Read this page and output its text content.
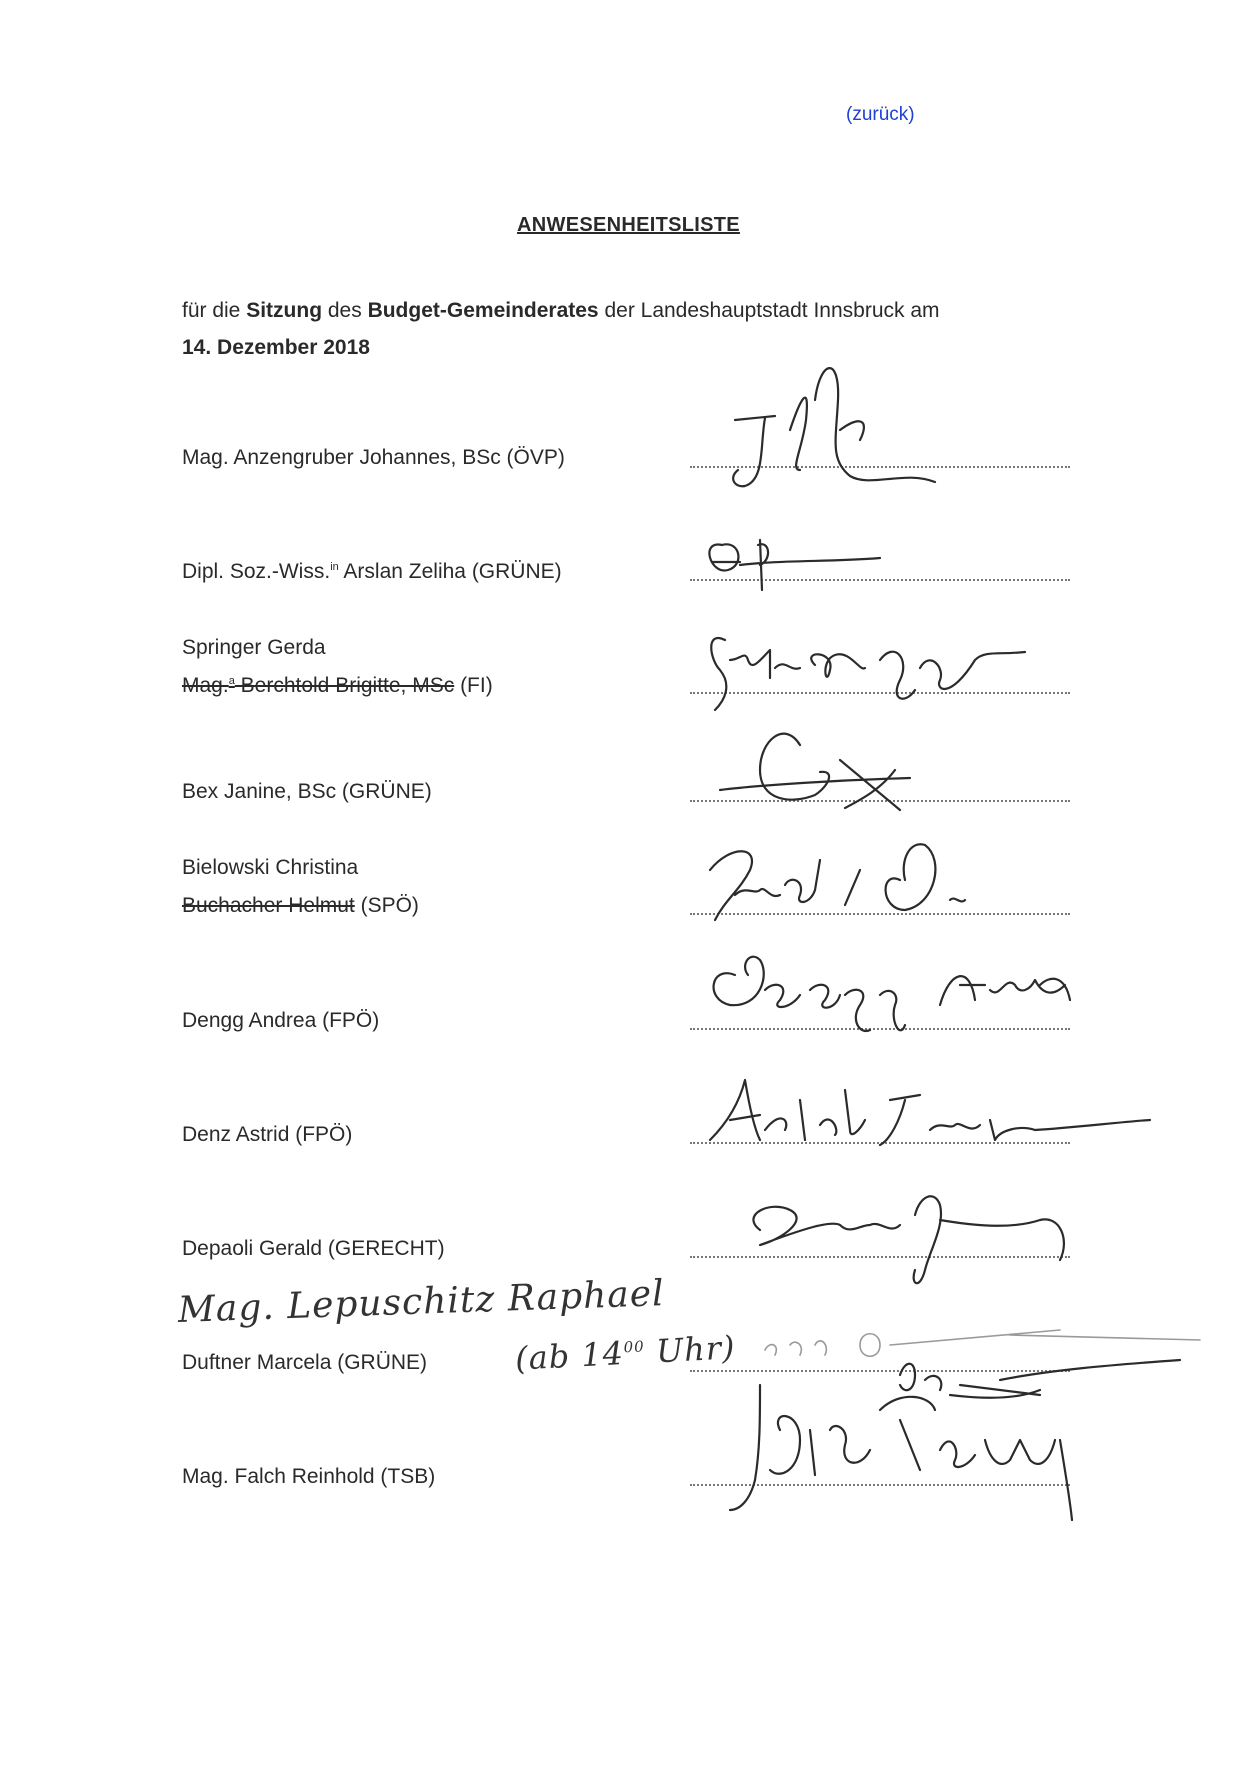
(zurück)
ANWESENHEITSLISTE
für die Sitzung des Budget-Gemeinderates der Landeshauptstadt Innsbruck am
14. Dezember 2018
Mag. Anzengruber Johannes, BSc (ÖVP)
Dipl. Soz.-Wiss.$^{in}$ Arslan Zeliha (GRÜNE)
Springer Gerda
Mag.$^a$ Berchtold Brigitte, MSc (FI)
Bex Janine, BSc (GRÜNE)
Bielowski Christina
Buchacher Helmut (SPÖ)
Dengg Andrea (FPÖ)
Denz Astrid (FPÖ)
Depaoli Gerald (GERECHT)
Duftner Marcela (GRÜNE)
Mag. Falch Reinhold (TSB)
Mag. Lepuschitz Raphael
(ab $14^{00}$ Uhr)
